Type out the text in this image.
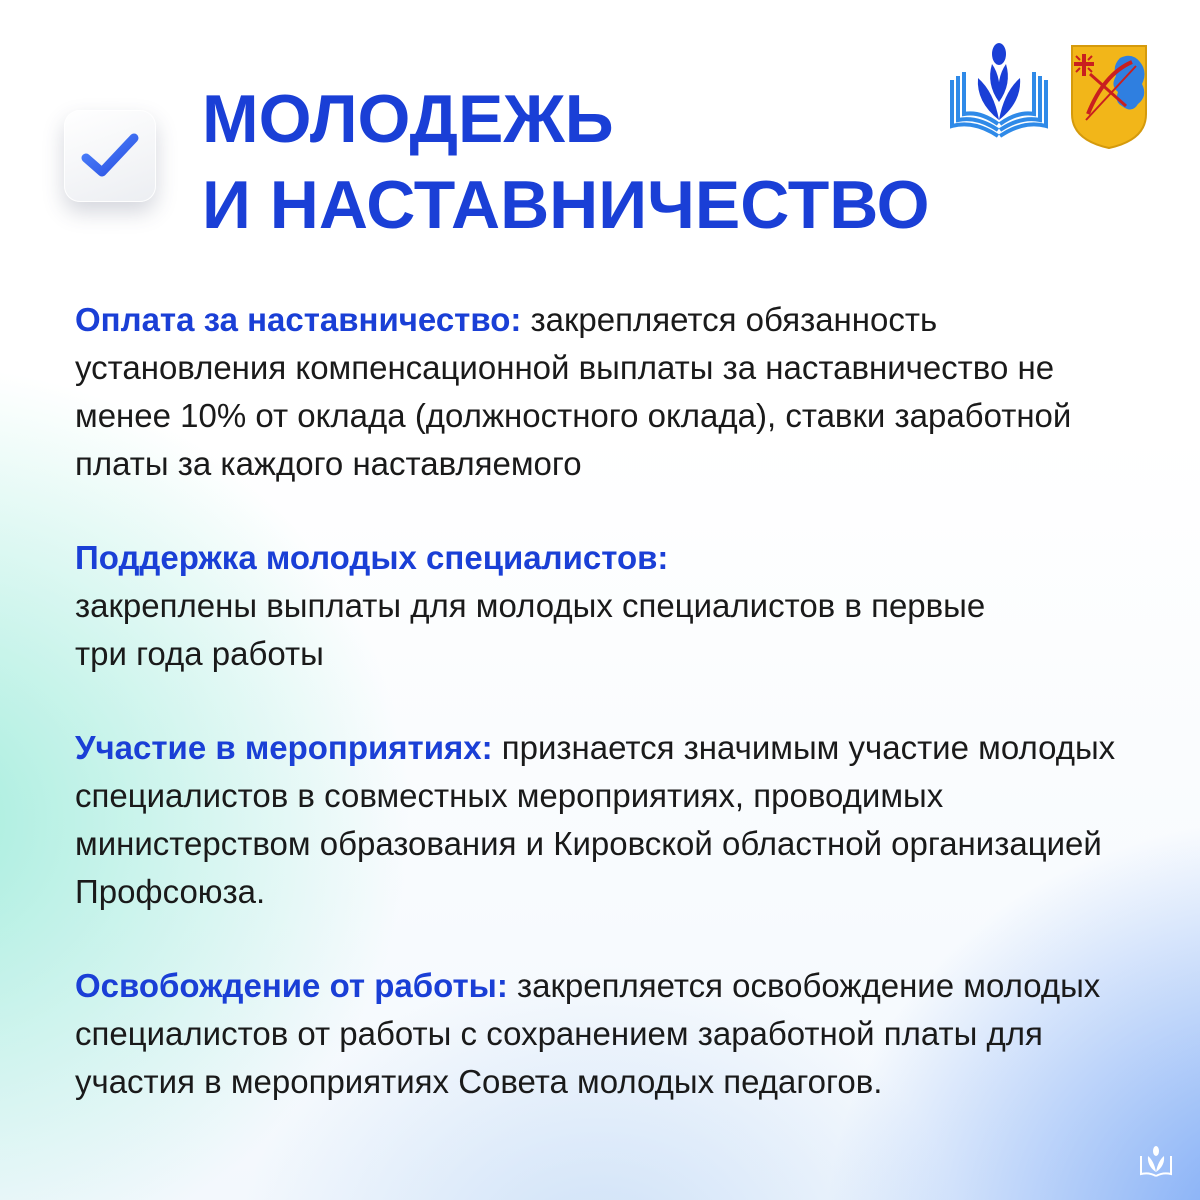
МОЛОДЕЖЬ
И НАСТАВНИЧЕСТВО

Оплата за наставничество: закрепляется обязанность установления компенсационной выплаты за наставничество не менее 10% от оклада (должностного оклада), ставки заработной платы за каждого наставляемого

Поддержка молодых специалистов:
закреплены выплаты для молодых специалистов в первые три года работы

Участие в мероприятиях: признается значимым участие молодых специалистов в совместных мероприятиях, проводимых министерством образования и Кировской областной организацией Профсоюза.

Освобождение от работы: закрепляется освобождение молодых специалистов от работы с сохранением заработной платы для участия в мероприятиях Совета молодых педагогов.
